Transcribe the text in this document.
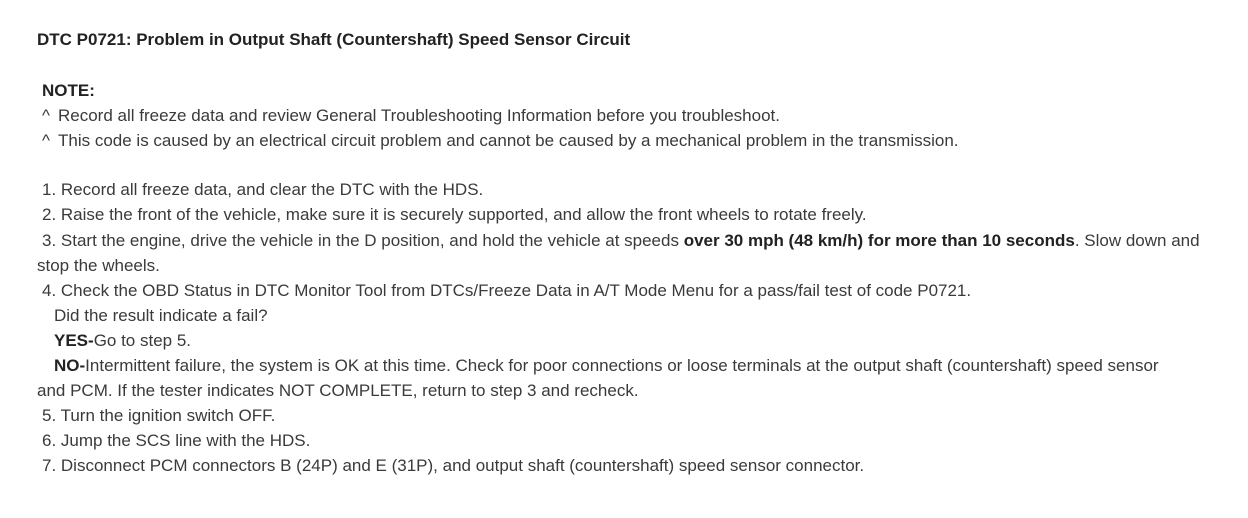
DTC P0721: Problem in Output Shaft (Countershaft) Speed Sensor Circuit
NOTE:
^ Record all freeze data and review General Troubleshooting Information before you troubleshoot.
^ This code is caused by an electrical circuit problem and cannot be caused by a mechanical problem in the transmission.
1. Record all freeze data, and clear the DTC with the HDS.
2. Raise the front of the vehicle, make sure it is securely supported, and allow the front wheels to rotate freely.
3. Start the engine, drive the vehicle in the D position, and hold the vehicle at speeds over 30 mph (48 km/h) for more than 10 seconds. Slow down and
stop the wheels.
4. Check the OBD Status in DTC Monitor Tool from DTCs/Freeze Data in A/T Mode Menu for a pass/fail test of code P0721.
Did the result indicate a fail?
YES-Go to step 5.
NO-Intermittent failure, the system is OK at this time. Check for poor connections or loose terminals at the output shaft (countershaft) speed sensor
and PCM. If the tester indicates NOT COMPLETE, return to step 3 and recheck.
5. Turn the ignition switch OFF.
6. Jump the SCS line with the HDS.
7. Disconnect PCM connectors B (24P) and E (31P), and output shaft (countershaft) speed sensor connector.
